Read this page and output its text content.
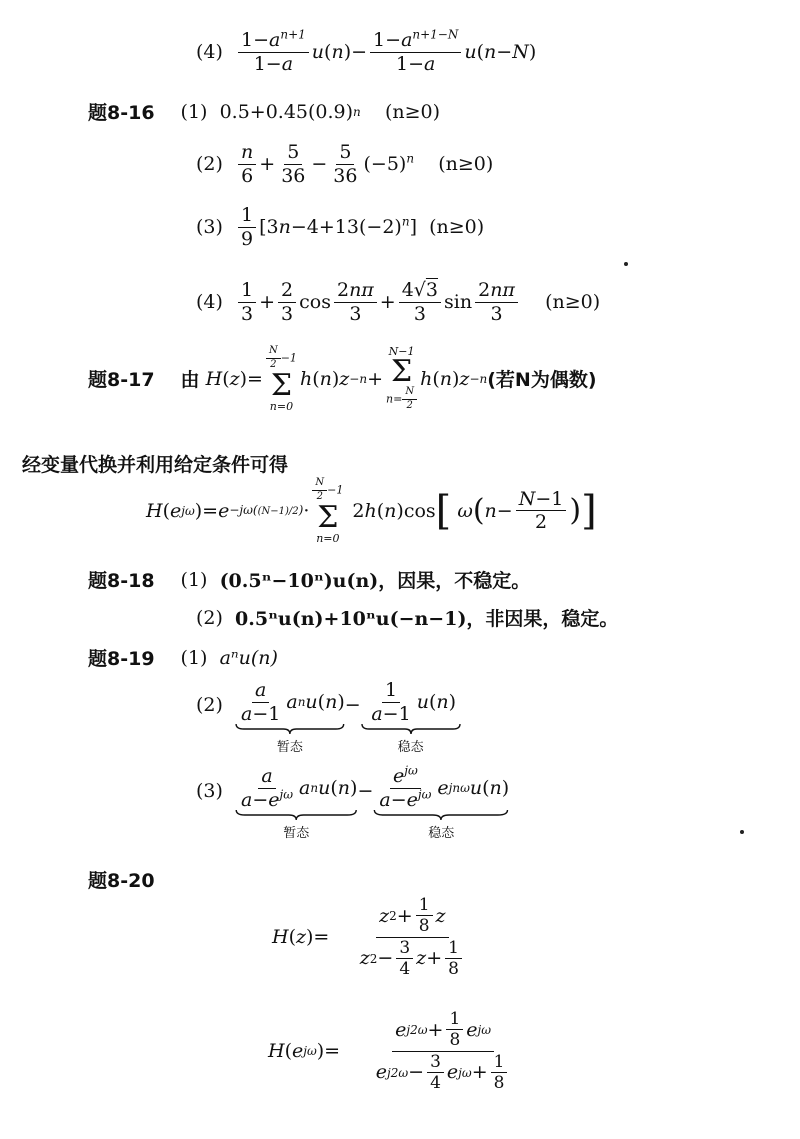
(4)
$\frac{1-a^{n+1}}{1-a}$ u $(n)- \frac{1-a^{n+1-N}}{1-a}$ u (n−N)
题8-16 (1)
0.5+0.45(0.9) n
(n≥0)
(2)
$\frac{n}{6} + \frac{5}{36} - \frac{5}{36} (-5)^n$
(n≥0)
(3)
$\frac{1}{9} [3n-4+13(-2)^n]$
(n≥0)
(4)
$\frac{1}{3} + \frac{2}{3}$ $\cos \frac{2n\pi}{3} + \frac{4√3}{3}$ $\sin \frac{2n\pi}{3}$
(n≥0)
题8-17 由
H ( z )=
$\frac{N}{2} -1$
Σ
n=0
h ( n ) z −n +
N−1
Σ
$n= \frac{N}{2}$
h ( n ) z −n (若N为偶数)
经变量代换并利用给定条件可得
H ( e jω )= e −jω((N−1)/2) ·
$\frac{N}{2} -1$
Σ
n=0
2 h ( n )cos [
ω ( $n - \frac{N-1}{2}$ ) ]
题8-18 (1)
(0.5ⁿ−10ⁿ)u(n)，因果，不稳定。
(2)
0.5ⁿu(n)+10ⁿu(−n−1)，非因果，稳定。
题8-19 (1)
aⁿu(n)
(2)
$\frac{a}{a-1}$ a n u ( n )
暂态
− $\frac{1}{a-1}$ u ( n )
稳态
(3)
$\frac{a}{a-e^{j\omega}}$ a n u ( n )
暂态
− $\frac{e^{j\omega}}{a-e^{j\omega}}$ e jnω u ( n )
稳态
题8-20
H ( z )= $\frac{z 2 + \frac{1}{8} z}{z 2 - \frac{3}{4} z + \frac{1}{8}}$
H ( e jω )= $\frac{e j2\omega + \frac{1}{8} e j\omega}{e j2\omega - \frac{3}{4} e j\omega + \frac{1}{8}}$
